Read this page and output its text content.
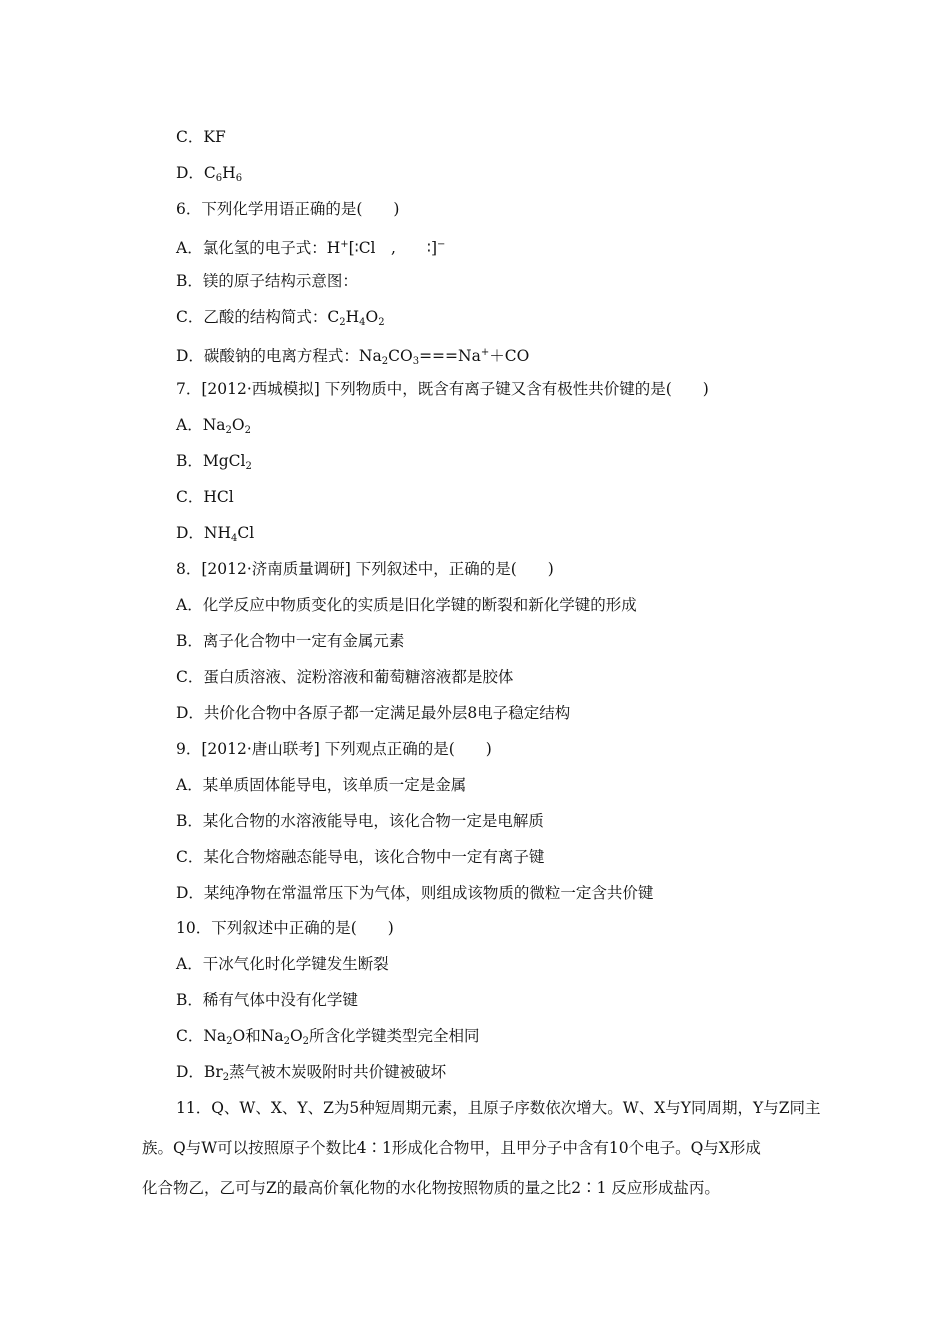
C．KF
D．$C_6H_6$
6．下列化学用语正确的是(　　)
A．氯化氢的电子式：H+[∶Cl　,　　∶]−
B．镁的原子结构示意图：
C．乙酸的结构简式：$C_2H_4O_2$
D．碳酸钠的电离方程式：$Na_2CO_3===Na^++CO$
7．[2012·西城模拟] 下列物质中，既含有离子键又含有极性共价键的是(　　)
A．$Na_2O_2$
B．MgCl$_2$
C．HCl
D．$NH_4Cl$
8．[2012·济南质量调研] 下列叙述中，正确的是(　　)
A．化学反应中物质变化的实质是旧化学键的断裂和新化学键的形成
B．离子化合物中一定有金属元素
C．蛋白质溶液、淀粉溶液和葡萄糖溶液都是胶体
D．共价化合物中各原子都一定满足最外层8电子稳定结构
9．[2012·唐山联考] 下列观点正确的是(　　)
A．某单质固体能导电，该单质一定是金属
B．某化合物的水溶液能导电，该化合物一定是电解质
C．某化合物熔融态能导电，该化合物中一定有离子键
D．某纯净物在常温常压下为气体，则组成该物质的微粒一定含共价键
10．下列叙述中正确的是(　　)
A．干冰气化时化学键发生断裂
B．稀有气体中没有化学键
C．$Na_2O$和$Na_2O_2$所含化学键类型完全相同
D．$Br_2$蒸气被木炭吸附时共价键被破坏
11．Q、W、X、Y、Z为5种短周期元素，且原子序数依次增大。W、X与Y同周期，Y与Z同主
族。Q与W可以按照原子个数比4∶1形成化合物甲，且甲分子中含有10个电子。Q与X形成
化合物乙，乙可与Z的最高价氧化物的水化物按照物质的量之比2∶1 反应形成盐丙。
